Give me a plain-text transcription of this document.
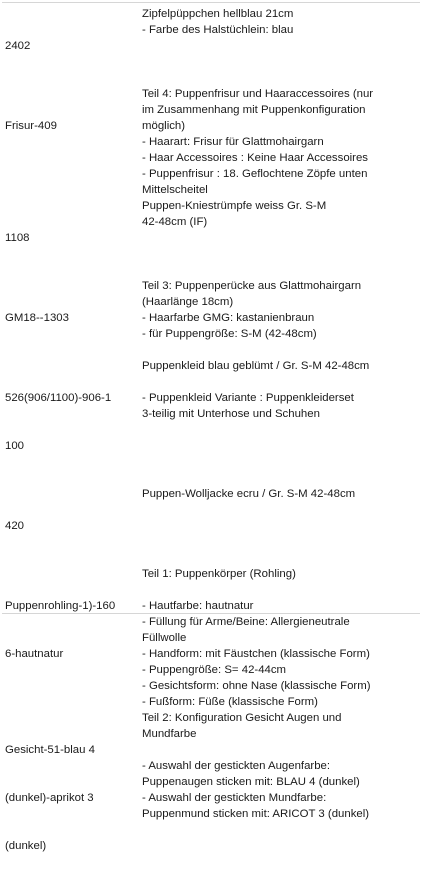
2402

Zipfelpüppchen hellblau 21cm
- Farbe des Halstüchlein: blau

Frisur-409

Teil 4: Puppenfrisur und Haaraccessoires (nur
im Zusammenhang mit Puppenkonfiguration
möglich)
- Haarart: Frisur für Glattmohairgarn
- Haar Accessoires : Keine Haar Accessoires
- Puppenfrisur : 18. Geflochtene Zöpfe unten
Mittelscheitel

1108

Puppen-Kniestrümpfe weiss Gr. S-M
42-48cm (IF)

GM18--1303

Teil 3: Puppenperücke aus Glattmohairgarn
(Haarlänge 18cm)
- Haarfarbe GMG: kastanienbraun
- für Puppengröße: S-M (42-48cm)

526(906/1100)-906-1

100

Puppenkleid blau geblümt / Gr. S-M 42-48cm
- Puppenkleid Variante : Puppenkleiderset
3-teilig mit Unterhose und Schuhen

420

Puppen-Wolljacke ecru / Gr. S-M 42-48cm

Puppenrohling-1)-160

6-hautnatur

Teil 1: Puppenkörper (Rohling)
- Hautfarbe: hautnatur
- Füllung für Arme/Beine: Allergieneutrale
Füllwolle
- Handform: mit Fäustchen (klassische Form)
- Puppengröße: S= 42-44cm
- Gesichtsform: ohne Nase (klassische Form)
- Fußform: Füße (klassische Form)

Gesicht-51-blau 4

(dunkel)-aprikot 3

(dunkel)

Teil 2: Konfiguration Gesicht Augen und
Mundfarbe
- Auswahl der gestickten Augenfarbe:
Puppenaugen sticken mit: BLAU 4 (dunkel)
- Auswahl der gestickten Mundfarbe:
Puppenmund sticken mit: ARICOT 3 (dunkel)
